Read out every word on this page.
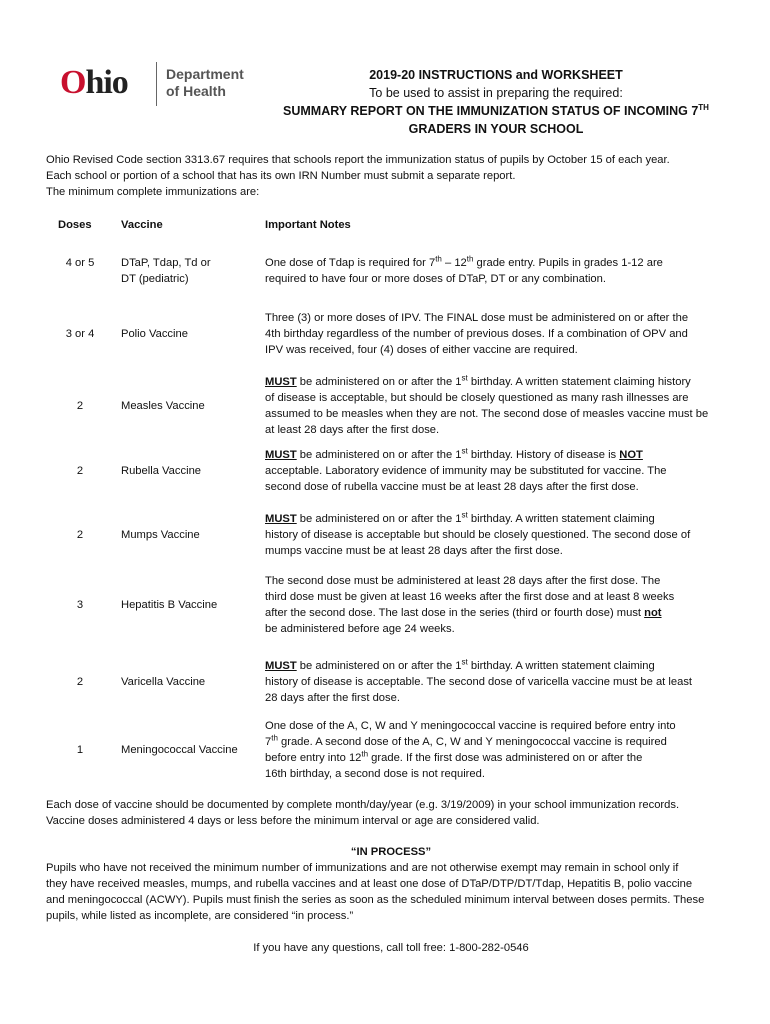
Ohio	Department
of Health
2019-20 INSTRUCTIONS and WORKSHEET
To be used to assist in preparing the required:
SUMMARY REPORT ON THE IMMUNIZATION STATUS OF INCOMING 7TH
GRADERS IN YOUR SCHOOL
Ohio Revised Code section 3313.67 requires that schools report the immunization status of pupils by October 15 of each year.
Each school or portion of a school that has its own IRN Number must submit a separate report.
The minimum complete immunizations are:
Doses	Vaccine	Important Notes
4 or 5	DTaP, Tdap, Td or
DT (pediatric)
One dose of Tdap is required for 7th – 12th grade entry. Pupils in grades 1-12 are
required to have four or more doses of DTaP, DT or any combination.
3 or 4	Polio Vaccine
Three (3) or more doses of IPV. The FINAL dose must be administered on or after the
4th birthday regardless of the number of previous doses. If a combination of OPV and
IPV was received, four (4) doses of either vaccine are required.
2	Measles Vaccine
MUST be administered on or after the 1st birthday. A written statement claiming history
of disease is acceptable, but should be closely questioned as many rash illnesses are
assumed to be measles when they are not. The second dose of measles vaccine must be
at least 28 days after the first dose.
2	Rubella Vaccine
MUST be administered on or after the 1st birthday. History of disease is NOT
acceptable. Laboratory evidence of immunity may be substituted for vaccine. The
second dose of rubella vaccine must be at least 28 days after the first dose.
2	Mumps Vaccine
MUST be administered on or after the 1st birthday. A written statement claiming
history of disease is acceptable but should be closely questioned. The second dose of
mumps vaccine must be at least 28 days after the first dose.
3	Hepatitis B Vaccine
The second dose must be administered at least 28 days after the first dose. The
third dose must be given at least 16 weeks after the first dose and at least 8 weeks
after the second dose. The last dose in the series (third or fourth dose) must not
be administered before age 24 weeks.
2	Varicella Vaccine
MUST be administered on or after the 1st birthday. A written statement claiming
history of disease is acceptable. The second dose of varicella vaccine must be at least
28 days after the first dose.
1	Meningococcal Vaccine
One dose of the A, C, W and Y meningococcal vaccine is required before entry into
7th grade. A second dose of the A, C, W and Y meningococcal vaccine is required
before entry into 12th grade. If the first dose was administered on or after the
16th birthday, a second dose is not required.
Each dose of vaccine should be documented by complete month/day/year (e.g. 3/19/2009) in your school immunization records.
Vaccine doses administered 4 days or less before the minimum interval or age are considered valid.
“IN PROCESS”
Pupils who have not received the minimum number of immunizations and are not otherwise exempt may remain in school only if
they have received measles, mumps, and rubella vaccines and at least one dose of DTaP/DTP/DT/Tdap, Hepatitis B, polio vaccine
and meningococcal (ACWY). Pupils must finish the series as soon as the scheduled minimum interval between doses permits. These
pupils, while listed as incomplete, are considered “in process.”
If you have any questions, call toll free: 1-800-282-0546
